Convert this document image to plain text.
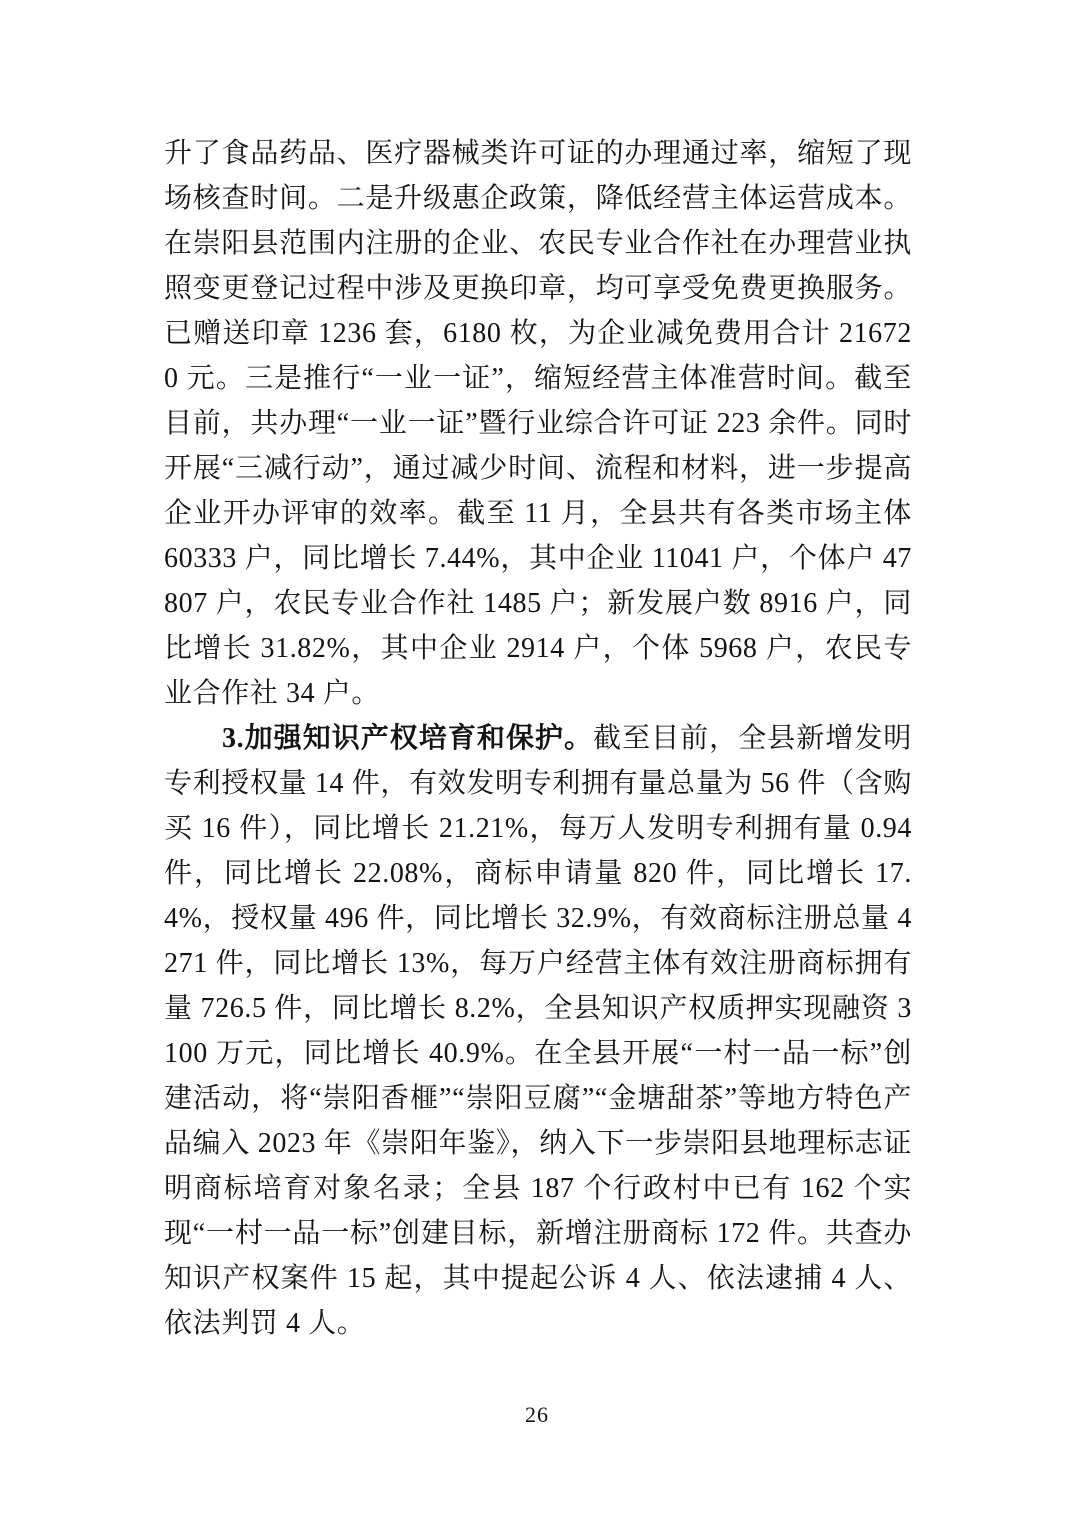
升了食品药品、医疗器械类许可证的办理通过率，缩短了现场核查时间。二是升级惠企政策，降低经营主体运营成本。在崇阳县范围内注册的企业、农民专业合作社在办理营业执照变更登记过程中涉及更换印章，均可享受免费更换服务。已赠送印章 1236 套，6180 枚，为企业减免费用合计 216720 元。三是推行“一业一证”，缩短经营主体准营时间。截至目前，共办理“一业一证”暨行业综合许可证 223 余件。同时开展“三减行动”，通过减少时间、流程和材料，进一步提高企业开办评审的效率。截至 11 月，全县共有各类市场主体 60333 户，同比增长 7.44%，其中企业 11041 户，个体户 47807 户，农民专业合作社 1485 户；新发展户数 8916 户，同比增长 31.82%，其中企业 2914 户，个体 5968 户，农民专业合作社 34 户。

3.加强知识产权培育和保护。截至目前，全县新增发明专利授权量 14 件，有效发明专利拥有量总量为 56 件（含购买 16 件），同比增长 21.21%，每万人发明专利拥有量 0.94 件，同比增长 22.08%，商标申请量 820 件，同比增长 17.4%，授权量 496 件，同比增长 32.9%，有效商标注册总量 4271 件，同比增长 13%，每万户经营主体有效注册商标拥有量 726.5 件，同比增长 8.2%，全县知识产权质押实现融资 3100 万元，同比增长 40.9%。在全县开展“一村一品一标”创建活动，将“崇阳香榧”“崇阳豆腐”“金塘甜茶”等地方特色产品编入 2023 年《崇阳年鉴》，纳入下一步崇阳县地理标志证明商标培育对象名录；全县 187 个行政村中已有 162 个实现“一村一品一标”创建目标，新增注册商标 172 件。共查办知识产权案件 15 起，其中提起公诉 4 人、依法逮捕 4 人、依法判罚 4 人。

26
